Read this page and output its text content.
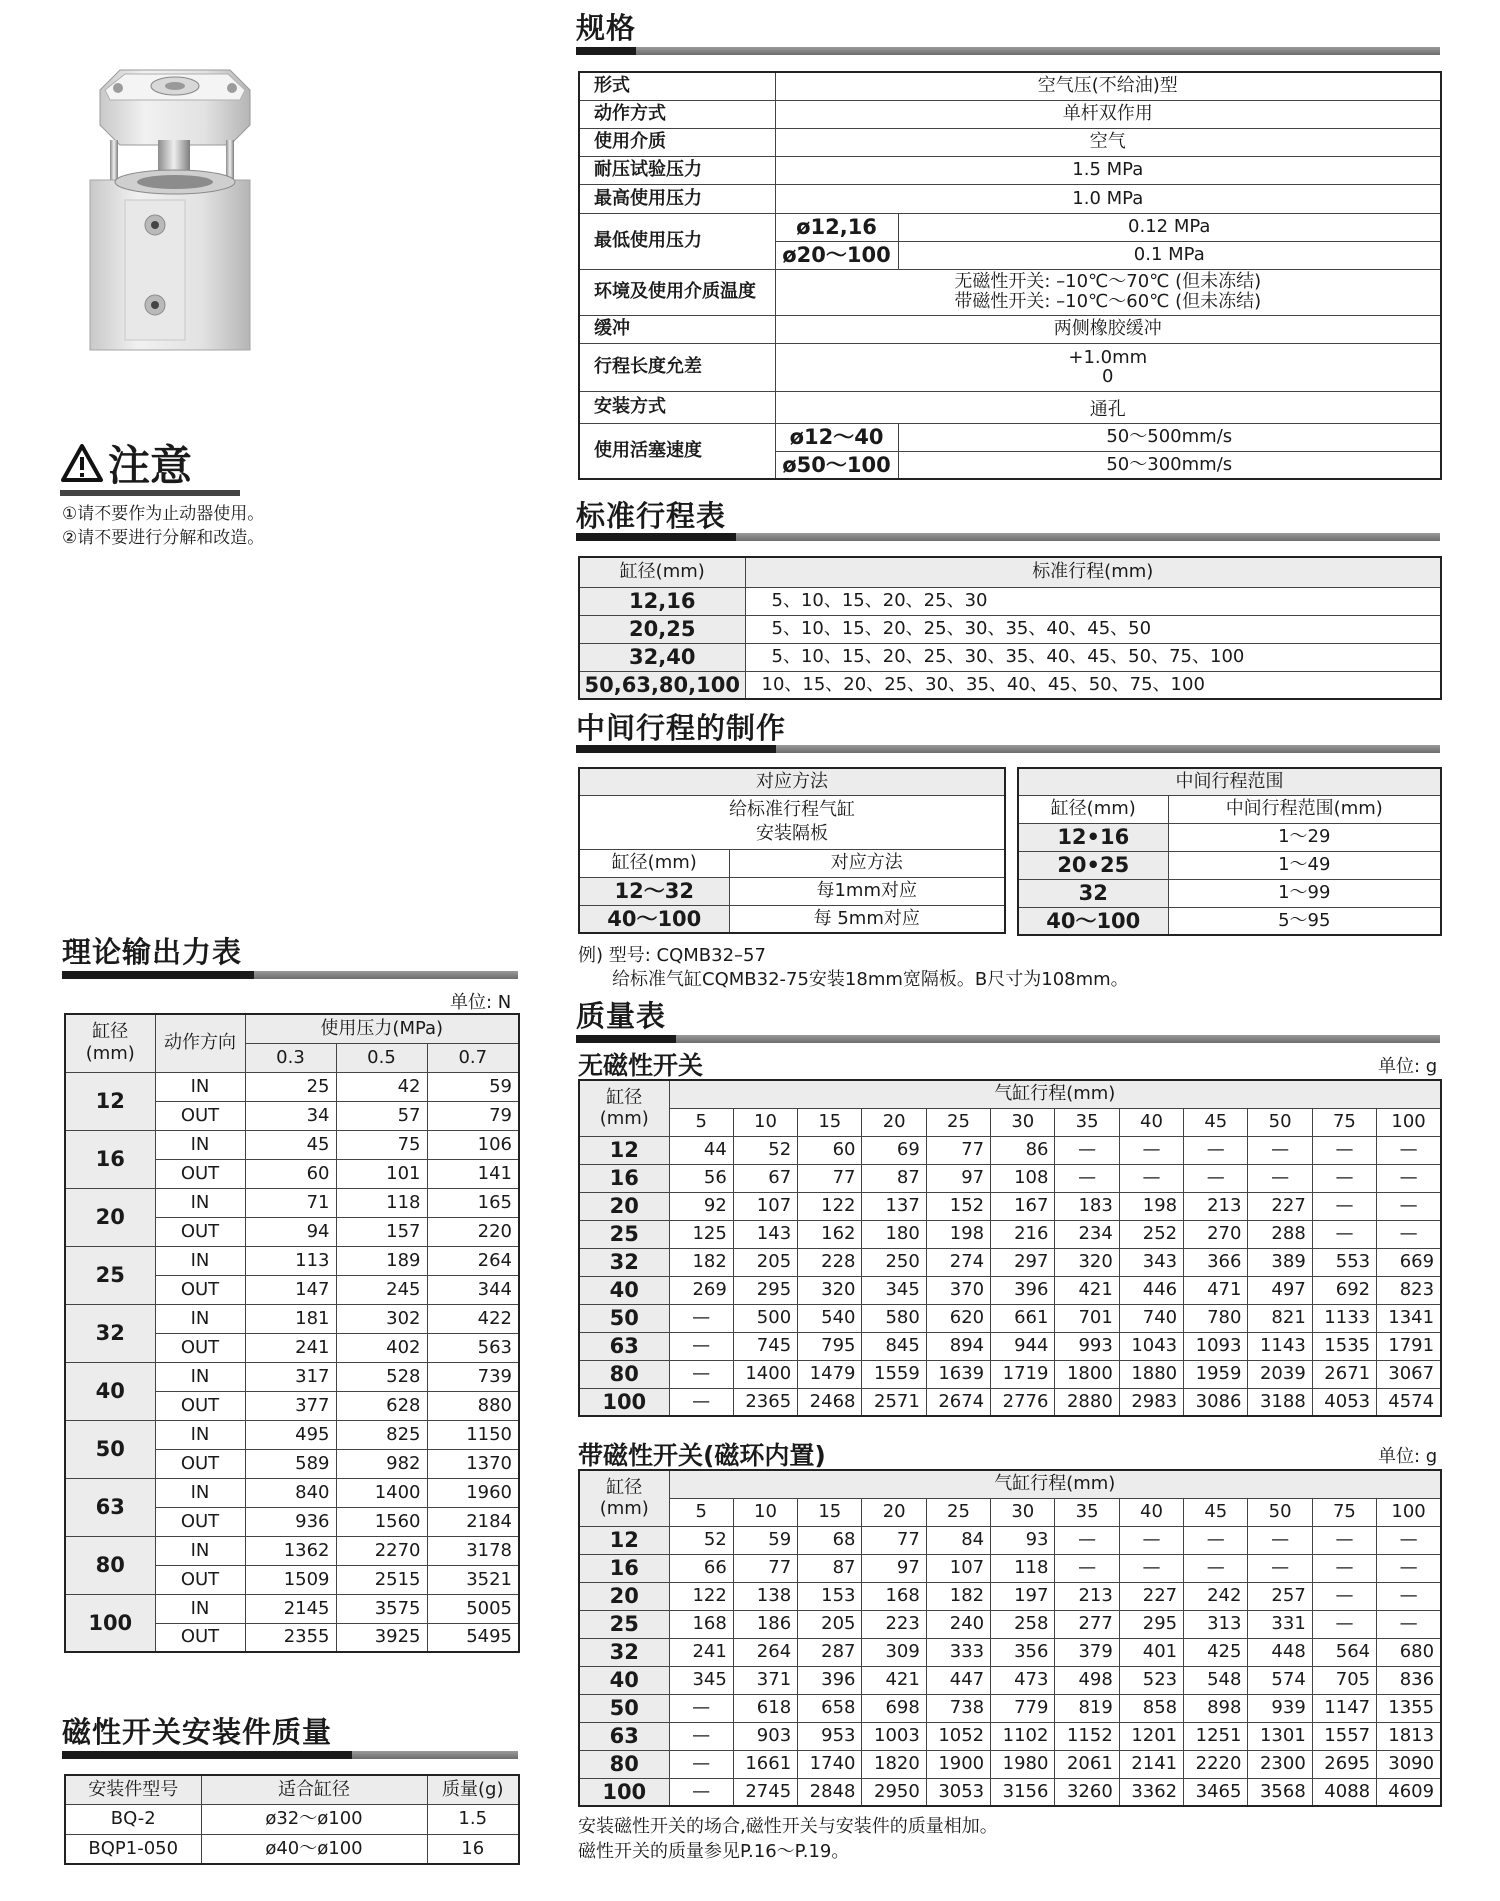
注意
①请不要作为止动器使用。
②请不要进行分解和改造。
规格
形式	空气压(不给油)型	
动作方式	单杆双作用	
使用介质	空气	
耐压试验压力	1.5 MPa	
最高使用压力	1.0 MPa	
最低使用压力	ø12,16	0.12 MPa
	ø20～100	0.1 MPa
环境及使用介质温度	无磁性开关: –10℃～70℃ (但未冻结)
带磁性开关: –10℃～60℃ (但未冻结)	

缓冲	两侧橡胶缓冲	
行程长度允差	+1.0mm
0	

安装方式	通孔	
使用活塞速度	ø12～40	50～500mm/s
	ø50～100	50～300mm/s
标准行程表
缸径(mm)	标准行程(mm)
12,16	5、10、15、20、25、30
20,25	5、10、15、20、25、30、35、40、45、50
32,40	5、10、15、20、25、30、35、40、45、50、75、100
50,63,80,100	10、15、20、25、30、35、40、45、50、75、100
中间行程的制作
对应方法	

给标准行程气缸
安装隔板	

缸径(mm)	对应方法
12～32	每1mm对应
40～100	每 5mm对应
中间行程范围	
缸径(mm)	中间行程范围(mm)
12•16	1～29
20•25	1～49
32	1～99
40～100	5～95
例) 型号: CQMB32–57
给标准气缸CQMB32-75安装18mm宽隔板。B尺寸为108mm。
理论输出力表
单位: N
缸径
(mm)	动作方向	使用压力(MPa)		
		0.3	0.5	0.7
12	IN	25	42	59
	OUT	34	57	79
16	IN	45	75	106
	OUT	60	101	141
20	IN	71	118	165
	OUT	94	157	220
25	IN	113	189	264
	OUT	147	245	344
32	IN	181	302	422
	OUT	241	402	563
40	IN	317	528	739
	OUT	377	628	880
50	IN	495	825	1150
	OUT	589	982	1370
63	IN	840	1400	1960
	OUT	936	1560	2184
80	IN	1362	2270	3178
	OUT	1509	2515	3521
100	IN	2145	3575	5005
	OUT	2355	3925	5495
磁性开关安装件质量
安装件型号	适合缸径	质量(g)
BQ-2	ø32～ø100	1.5
BQP1-050	ø40～ø100	16
质量表
无磁性开关	单位: g
缸径
(mm)	气缸行程(mm)											
	5	10	15	20	25	30	35	40	45	50	75	100
12	44	52	60	69	77	86	—	—	—	—	—	—
16	56	67	77	87	97	108	—	—	—	—	—	—
20	92	107	122	137	152	167	183	198	213	227	—	—
25	125	143	162	180	198	216	234	252	270	288	—	—
32	182	205	228	250	274	297	320	343	366	389	553	669
40	269	295	320	345	370	396	421	446	471	497	692	823
50	—	500	540	580	620	661	701	740	780	821	1133	1341
63	—	745	795	845	894	944	993	1043	1093	1143	1535	1791
80	—	1400	1479	1559	1639	1719	1800	1880	1959	2039	2671	3067
100	—	2365	2468	2571	2674	2776	2880	2983	3086	3188	4053	4574
带磁性开关(磁环内置)	单位: g
缸径
(mm)	气缸行程(mm)											
	5	10	15	20	25	30	35	40	45	50	75	100
12	52	59	68	77	84	93	—	—	—	—	—	—
16	66	77	87	97	107	118	—	—	—	—	—	—
20	122	138	153	168	182	197	213	227	242	257	—	—
25	168	186	205	223	240	258	277	295	313	331	—	—
32	241	264	287	309	333	356	379	401	425	448	564	680
40	345	371	396	421	447	473	498	523	548	574	705	836
50	—	618	658	698	738	779	819	858	898	939	1147	1355
63	—	903	953	1003	1052	1102	1152	1201	1251	1301	1557	1813
80	—	1661	1740	1820	1900	1980	2061	2141	2220	2300	2695	3090
100	—	2745	2848	2950	3053	3156	3260	3362	3465	3568	4088	4609
安装磁性开关的场合,磁性开关与安装件的质量相加。
磁性开关的质量参见P.16～P.19。
